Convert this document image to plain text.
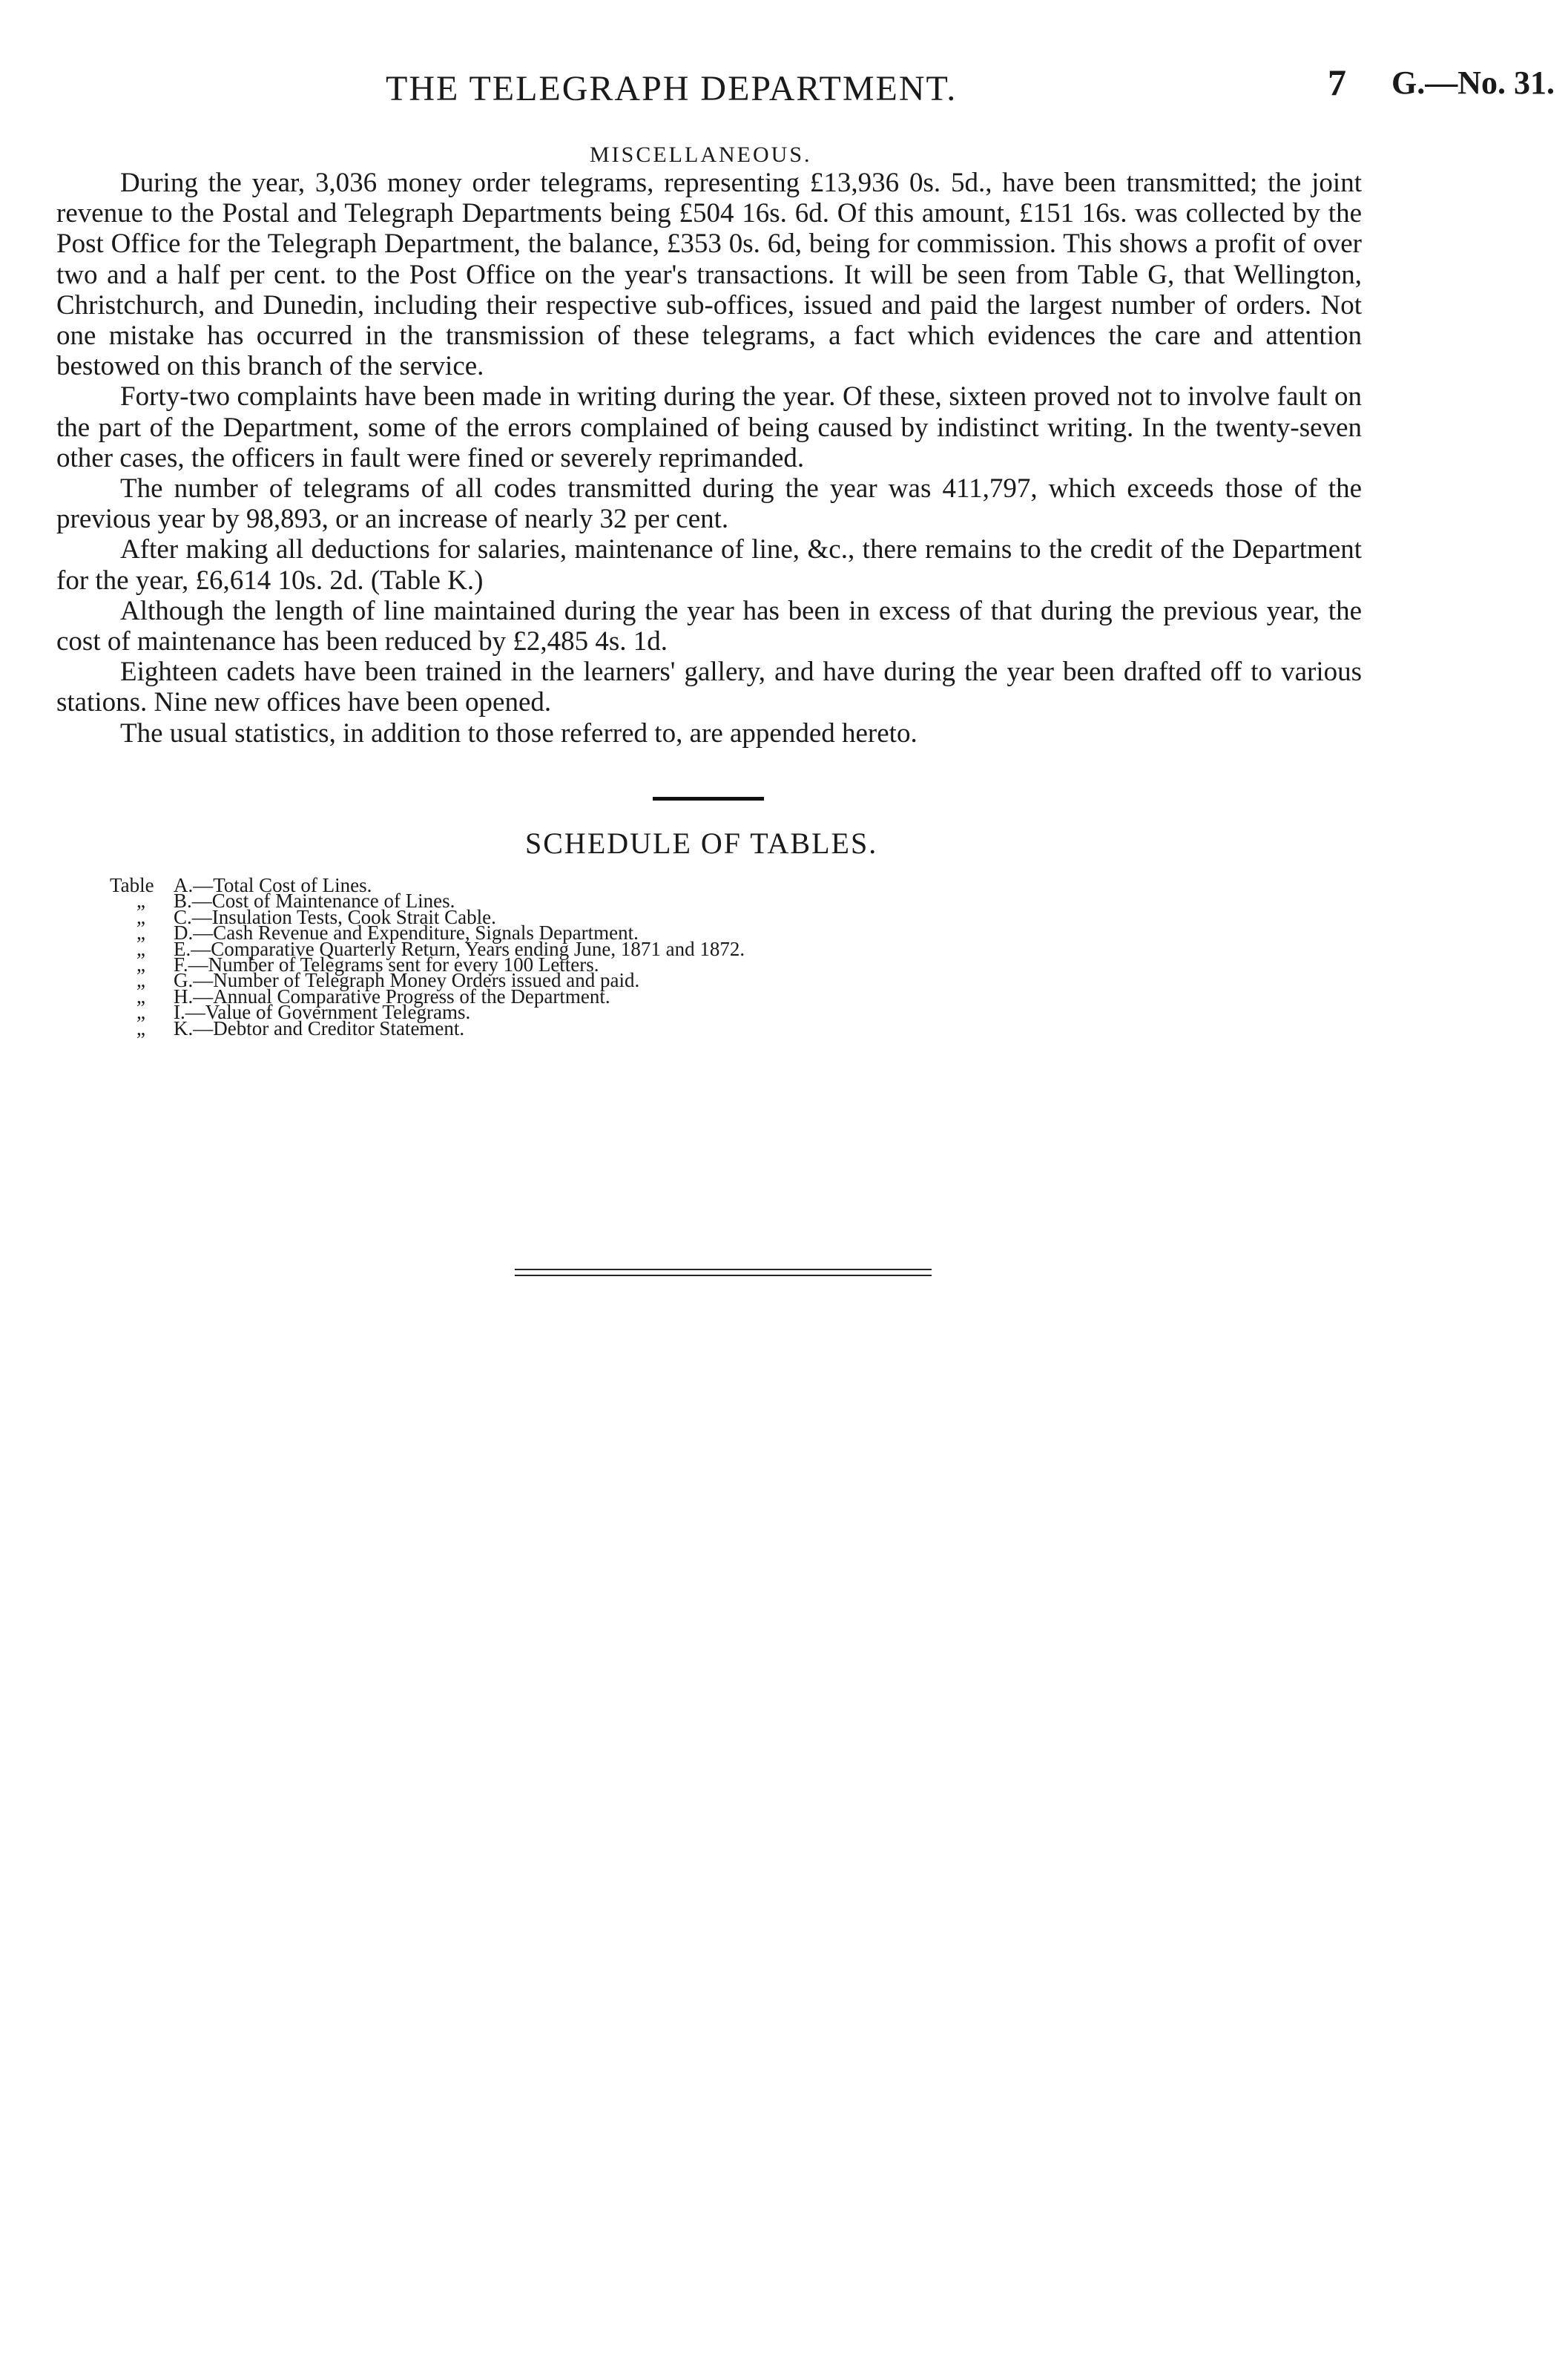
THE TELEGRAPH DEPARTMENT.	7 G.—No. 31.
MISCELLANEOUS.

During the year, 3,036 money order telegrams, representing £13,936 0s. 5d., have been transmitted; the joint revenue to the Postal and Telegraph Departments being £504 16s. 6d. Of this amount, £151 16s. was collected by the Post Office for the Telegraph Department, the balance, £353 0s. 6d, being for commission. This shows a profit of over two and a half per cent. to the Post Office on the year's transactions. It will be seen from Table G, that Wellington, Christchurch, and Dunedin, including their respective sub-offices, issued and paid the largest number of orders. Not one mistake has occurred in the transmission of these telegrams, a fact which evidences the care and attention bestowed on this branch of the service.

Forty-two complaints have been made in writing during the year. Of these, sixteen proved not to involve fault on the part of the Department, some of the errors complained of being caused by indistinct writing. In the twenty-seven other cases, the officers in fault were fined or severely reprimanded.

The number of telegrams of all codes transmitted during the year was 411,797, which exceeds those of the previous year by 98,893, or an increase of nearly 32 per cent.

After making all deductions for salaries, maintenance of line, &c., there remains to the credit of the Department for the year, £6,614 10s. 2d. (Table K.)

Although the length of line maintained during the year has been in excess of that during the previous year, the cost of maintenance has been reduced by £2,485 4s. 1d.

Eighteen cadets have been trained in the learners' gallery, and have during the year been drafted off to various stations. Nine new offices have been opened.

The usual statistics, in addition to those referred to, are appended hereto.

SCHEDULE OF TABLES.
Table A.—Total Cost of Lines.
„ B.—Cost of Maintenance of Lines.
„ C.—Insulation Tests, Cook Strait Cable.
„ D.—Cash Revenue and Expenditure, Signals Department.
„ E.—Comparative Quarterly Return, Years ending June, 1871 and 1872.
„ F.—Number of Telegrams sent for every 100 Letters.
„ G.—Number of Telegraph Money Orders issued and paid.
„ H.—Annual Comparative Progress of the Department.
„ I.—Value of Government Telegrams.
„ K.—Debtor and Creditor Statement.
